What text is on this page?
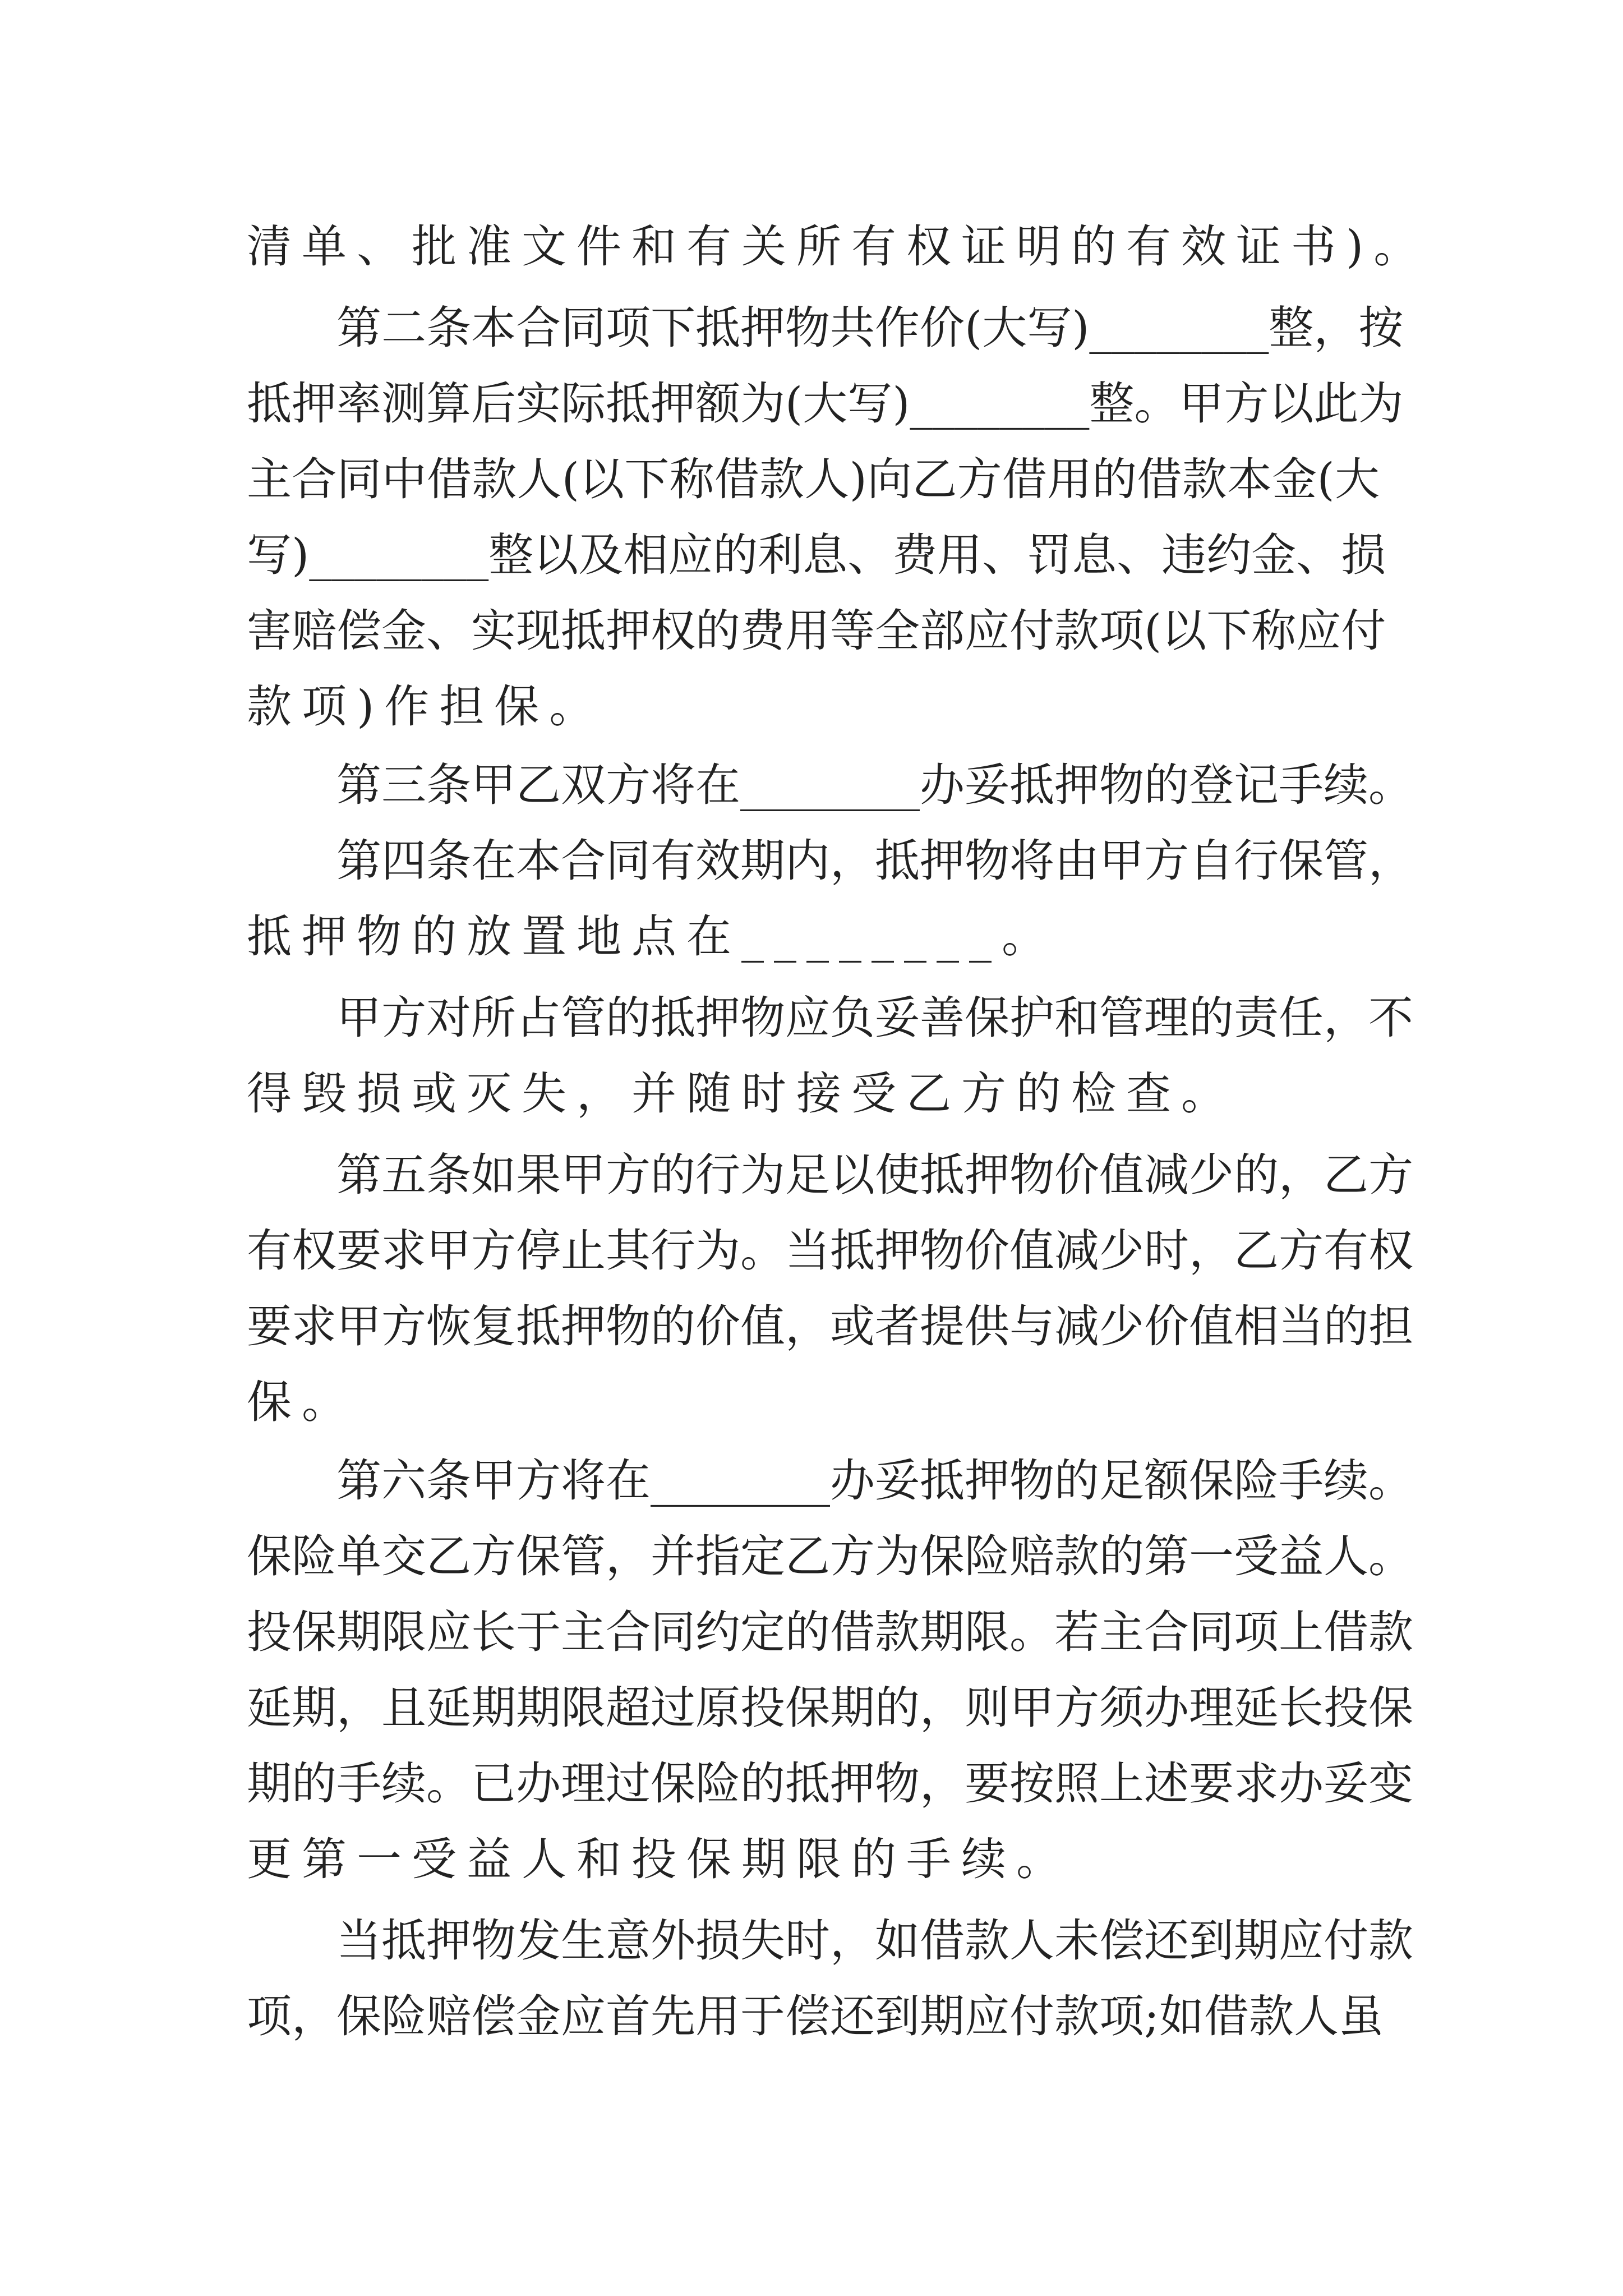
清单、批准文件和有关所有权证明的有效证书)。
第二条本合同项下抵押物共作价(大写)________整，按
抵押率测算后实际抵押额为(大写)________整。甲方以此为
主合同中借款人(以下称借款人)向乙方借用的借款本金(大
写)________整以及相应的利息、费用、罚息、违约金、损
害赔偿金、实现抵押权的费用等全部应付款项(以下称应付
款项)作担保。
第三条甲乙双方将在________办妥抵押物的登记手续。
第四条在本合同有效期内，抵押物将由甲方自行保管，
抵押物的放置地点在________。
甲方对所占管的抵押物应负妥善保护和管理的责任，不
得毁损或灭失，并随时接受乙方的检查。
第五条如果甲方的行为足以使抵押物价值减少的，乙方
有权要求甲方停止其行为。当抵押物价值减少时，乙方有权
要求甲方恢复抵押物的价值，或者提供与减少价值相当的担
保。
第六条甲方将在________办妥抵押物的足额保险手续。
保险单交乙方保管，并指定乙方为保险赔款的第一受益人。
投保期限应长于主合同约定的借款期限。若主合同项上借款
延期，且延期期限超过原投保期的，则甲方须办理延长投保
期的手续。已办理过保险的抵押物，要按照上述要求办妥变
更第一受益人和投保期限的手续。
当抵押物发生意外损失时，如借款人未偿还到期应付款
项，保险赔偿金应首先用于偿还到期应付款项;如借款人虽
